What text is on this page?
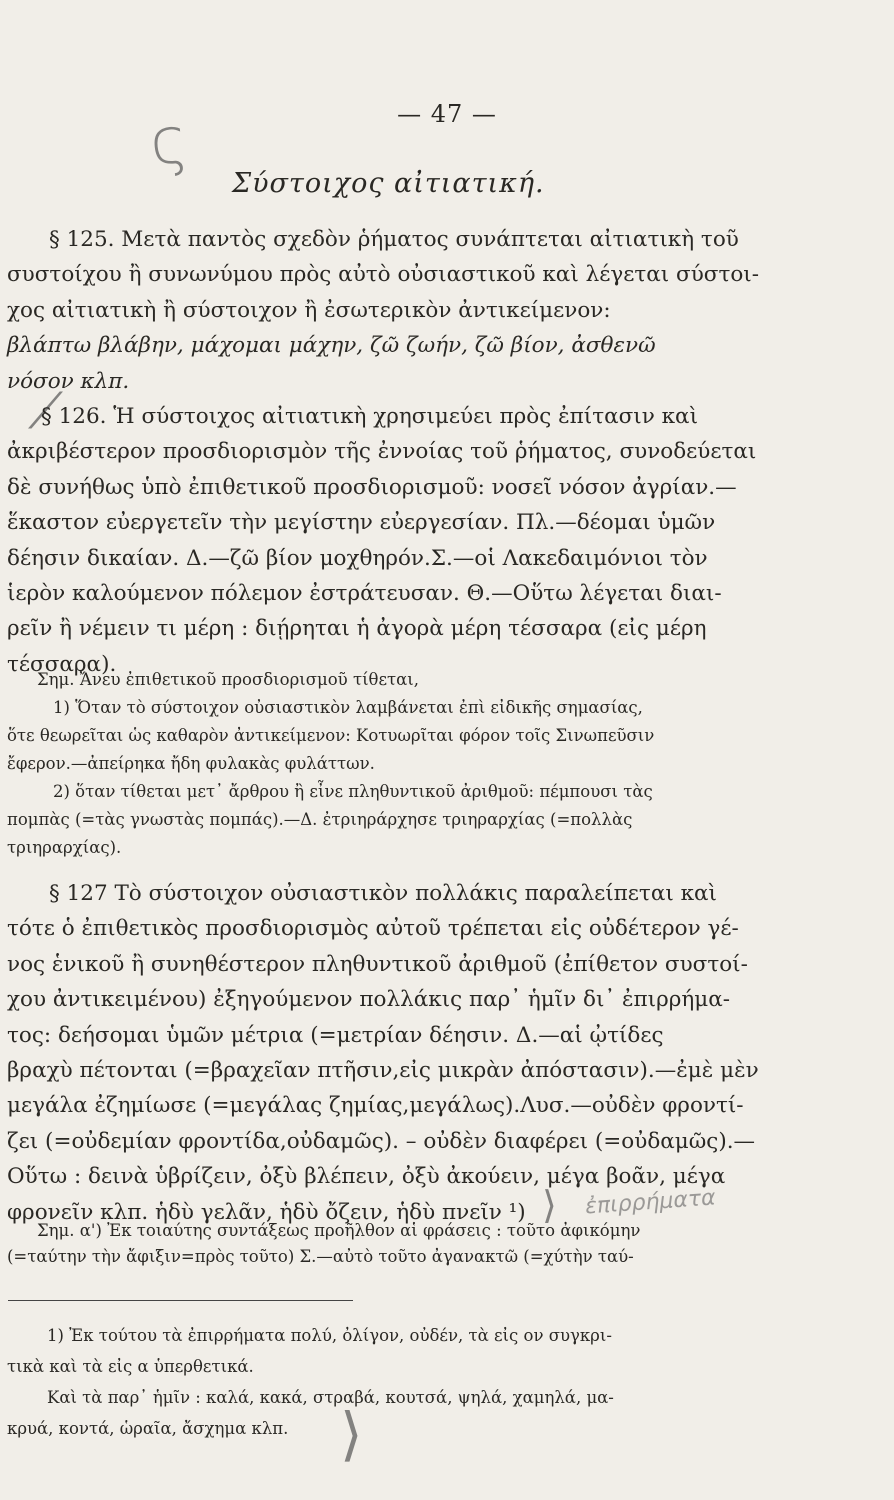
ς	— 47 —
Σύστοιχος αἰτιατική.
⟋
§ 125. Μετὰ παντὸς σχεδὸν ῥήματος συνάπτεται αἰτιατικὴ τοῦ
συστοίχου ἢ συνωνύμου πρὸς αὐτὸ οὐσιαστικοῦ καὶ λέγεται σύστοι-
χος αἰτιατικὴ ἢ σύστοιχον ἢ ἐσωτερικὸν ἀντικείμενον:
βλάπτω βλάβην, μάχομαι μάχην, ζῶ ζωήν, ζῶ βίον, ἀσθενῶ
νόσον κλπ.
§ 126. Ἡ σύστοιχος αἰτιατικὴ χρησιμεύει πρὸς ἐπίτασιν καὶ
ἀκριβέστερον προσδιορισμὸν τῆς ἐννοίας τοῦ ῥήματος, συνοδεύεται
δὲ συνήθως ὑπὸ ἐπιθετικοῦ προσδιορισμοῦ: νοσεῖ νόσον ἀγρίαν.—
ἕκαστον εὐεργετεῖν τὴν μεγίστην εὐεργεσίαν. Πλ.—δέομαι ὑμῶν
δέησιν δικαίαν. Δ.—ζῶ βίον μοχθηρόν.Σ.—οἱ Λακεδαιμόνιοι τὸν
ἱερὸν καλούμενον πόλεμον ἐστράτευσαν. Θ.—Οὕτω λέγεται διαι-
ρεῖν ἢ νέμειν τι μέρη : διῄρηται ἡ ἀγορὰ μέρη τέσσαρα (εἰς μέρη
τέσσαρα).
Σημ. Ἄνευ ἐπιθετικοῦ προσδιορισμοῦ τίθεται,
1) Ὅταν τὸ σύστοιχον οὐσιαστικὸν λαμβάνεται ἐπὶ εἰδικῆς σημασίας,
ὅτε θεωρεῖται ὡς καθαρὸν ἀντικείμενον: Κοτυωρῖται φόρον τοῖς Σινωπεῦσιν
ἔφερον.—ἀπείρηκα ἤδη φυλακὰς φυλάττων.
2) ὅταν τίθεται μετ᾽ ἄρθρου ἢ εἶνε πληθυντικοῦ ἀριθμοῦ: πέμπουσι τὰς
πομπὰς (=τὰς γνωστὰς πομπάς).—Δ. ἐτριηράρχησε τριηραρχίας (=πολλὰς
τριηραρχίας).
§ 127 Τὸ σύστοιχον οὐσιαστικὸν πολλάκις παραλείπεται καὶ
τότε ὁ ἐπιθετικὸς προσδιορισμὸς αὐτοῦ τρέπεται εἰς οὐδέτερον γέ-
νος ἑνικοῦ ἢ συνηθέστερον πληθυντικοῦ ἀριθμοῦ (ἐπίθετον συστοί-
χου ἀντικειμένου) ἐξηγούμενον πολλάκις παρ᾽ ἡμῖν δι᾽ ἐπιρρήμα-
τος: δεήσομαι ὑμῶν μέτρια (=μετρίαν δέησιν. Δ.—αἱ ᾠτίδες
βραχὺ πέτονται (=βραχεῖαν πτῆσιν,εἰς μικρὰν ἀπόστασιν).—ἐμὲ μὲν
μεγάλα ἐζημίωσε (=μεγάλας ζημίας,μεγάλως).Λυσ.—οὐδὲν φροντί-
ζει (=οὐδεμίαν φροντίδα,οὐδαμῶς). – οὐδὲν διαφέρει (=οὐδαμῶς).—
Οὕτω : δεινὰ ὑβρίζειν, ὀξὺ βλέπειν, ὀξὺ ἀκούειν, μέγα βοᾶν, μέγα
φρονεῖν κλπ. ἡδὺ γελᾶν, ἡδὺ ὄζειν, ἡδὺ πνεῖν ¹) ⟩ ἐπιρρήματα
Σημ. α') Ἐκ τοιαύτης συντάξεως προῆλθον αἱ φράσεις : τοῦτο ἀφικόμην
(=ταύτην τὴν ἄφιξιν=πρὸς τοῦτο) Σ.—αὐτὸ τοῦτο ἀγανακτῶ (=χύτὴν ταύ-
1) Ἐκ τούτου τὰ ἐπιρρήματα πολύ, ὀλίγον, οὐδέν, τὰ εἰς ον συγκρι-
τικὰ καὶ τὰ εἰς α ὑπερθετικά.
Καὶ τὰ παρ᾽ ἡμῖν : καλά, κακά, στραβά, κουτσά, ψηλά, χαμηλά, μα-
κρυά, κοντά, ὡραῖα, ἄσχημα κλπ. ⟩
